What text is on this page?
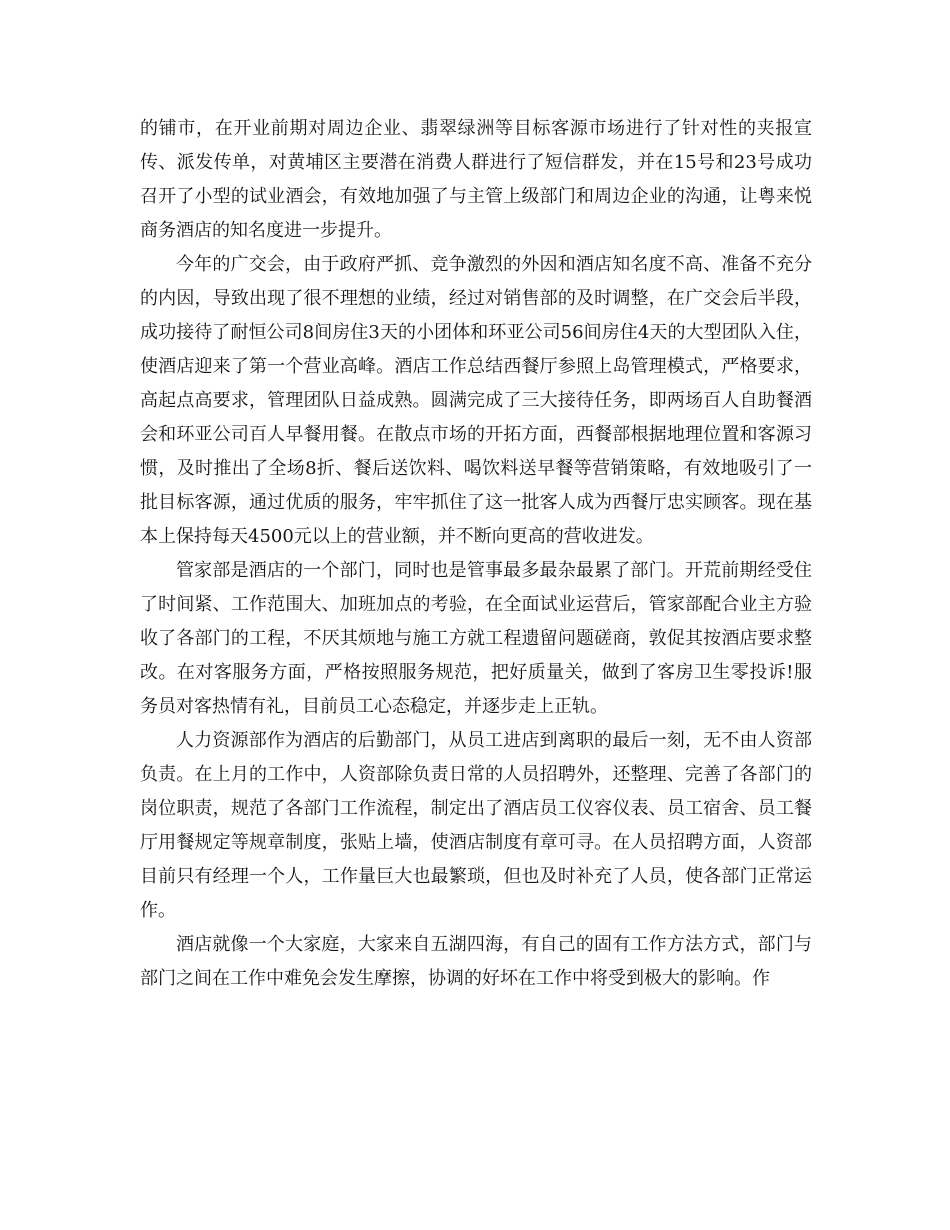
的铺市，在开业前期对周边企业、翡翠绿洲等目标客源市场进行了针对性的夹报宣传、派发传单，对黄埔区主要潜在消费人群进行了短信群发，并在15号和23号成功召开了小型的试业酒会，有效地加强了与主管上级部门和周边企业的沟通，让粤来悦商务酒店的知名度进一步提升。

今年的广交会，由于政府严抓、竞争激烈的外因和酒店知名度不高、准备不充分的内因，导致出现了很不理想的业绩，经过对销售部的及时调整，在广交会后半段，成功接待了耐恒公司8间房住3天的小团体和环亚公司56间房住4天的大型团队入住，使酒店迎来了第一个营业高峰。酒店工作总结西餐厅参照上岛管理模式，严格要求，高起点高要求，管理团队日益成熟。圆满完成了三大接待任务，即两场百人自助餐酒会和环亚公司百人早餐用餐。在散点市场的开拓方面，西餐部根据地理位置和客源习惯，及时推出了全场8折、餐后送饮料、喝饮料送早餐等营销策略，有效地吸引了一批目标客源，通过优质的服务，牢牢抓住了这一批客人成为西餐厅忠实顾客。现在基本上保持每天4500元以上的营业额，并不断向更高的营收进发。

管家部是酒店的一个部门，同时也是管事最多最杂最累了部门。开荒前期经受住了时间紧、工作范围大、加班加点的考验，在全面试业运营后，管家部配合业主方验收了各部门的工程，不厌其烦地与施工方就工程遗留问题磋商，敦促其按酒店要求整改。在对客服务方面，严格按照服务规范，把好质量关，做到了客房卫生零投诉!服务员对客热情有礼，目前员工心态稳定，并逐步走上正轨。

人力资源部作为酒店的后勤部门，从员工进店到离职的最后一刻，无不由人资部负责。在上月的工作中，人资部除负责日常的人员招聘外，还整理、完善了各部门的岗位职责，规范了各部门工作流程，制定出了酒店员工仪容仪表、员工宿舍、员工餐厅用餐规定等规章制度，张贴上墙，使酒店制度有章可寻。在人员招聘方面，人资部目前只有经理一个人，工作量巨大也最繁琐，但也及时补充了人员，使各部门正常运作。

酒店就像一个大家庭，大家来自五湖四海，有自己的固有工作方法方式，部门与部门之间在工作中难免会发生摩擦，协调的好坏在工作中将受到极大的影响。作
